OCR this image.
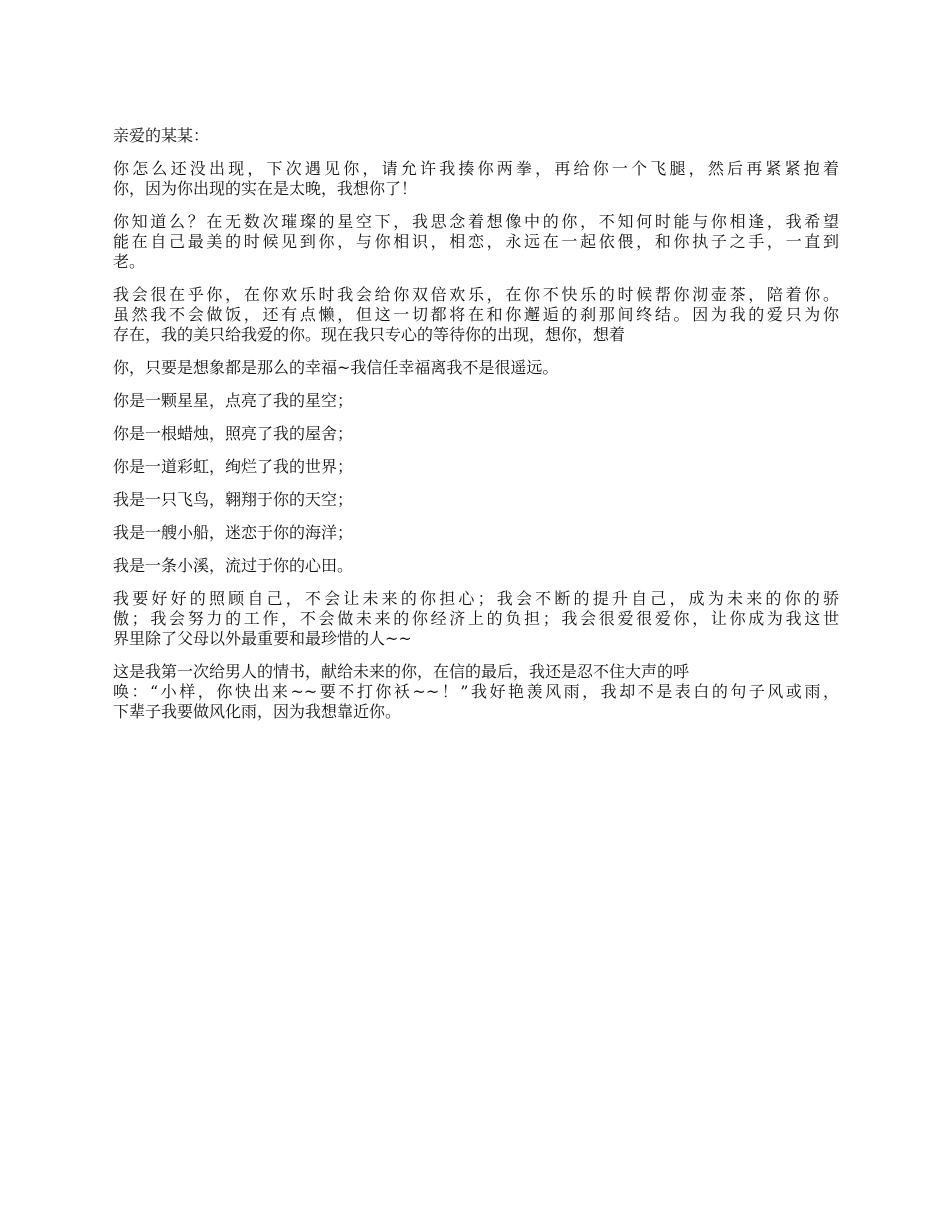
亲爱的某某：

你怎么还没出现，下次遇见你，请允许我揍你两拳，再给你一个飞腿，然后再紧紧抱着
你，因为你出现的实在是太晚，我想你了！

你知道么？在无数次璀璨的星空下，我思念着想像中的你，不知何时能与你相逢，我希望
能在自己最美的时候见到你，与你相识，相恋，永远在一起依偎，和你执子之手，一直到
老。

我会很在乎你，在你欢乐时我会给你双倍欢乐，在你不快乐的时候帮你沏壶茶，陪着你。
虽然我不会做饭，还有点懒，但这一切都将在和你邂逅的刹那间终结。因为我的爱只为你
存在，我的美只给我爱的你。现在我只专心的等待你的出现，想你，想着

你，只要是想象都是那么的幸福~我信任幸福离我不是很遥远。

你是一颗星星，点亮了我的星空；

你是一根蜡烛，照亮了我的屋舍；

你是一道彩虹，绚烂了我的世界；

我是一只飞鸟，翱翔于你的天空；

我是一艘小船，迷恋于你的海洋；

我是一条小溪，流过于你的心田。

我要好好的照顾自己，不会让未来的你担心；我会不断的提升自己，成为未来的你的骄
傲；我会努力的工作，不会做未来的你经济上的负担；我会很爱很爱你，让你成为我这世
界里除了父母以外最重要和最珍惜的人~~

这是我第一次给男人的情书，献给未来的你，在信的最后，我还是忍不住大声的呼
唤：“小样，你快出来~~要不打你袄~~！”我好艳羡风雨，我却不是表白的句子风或雨，
下辈子我要做风化雨，因为我想靠近你。
